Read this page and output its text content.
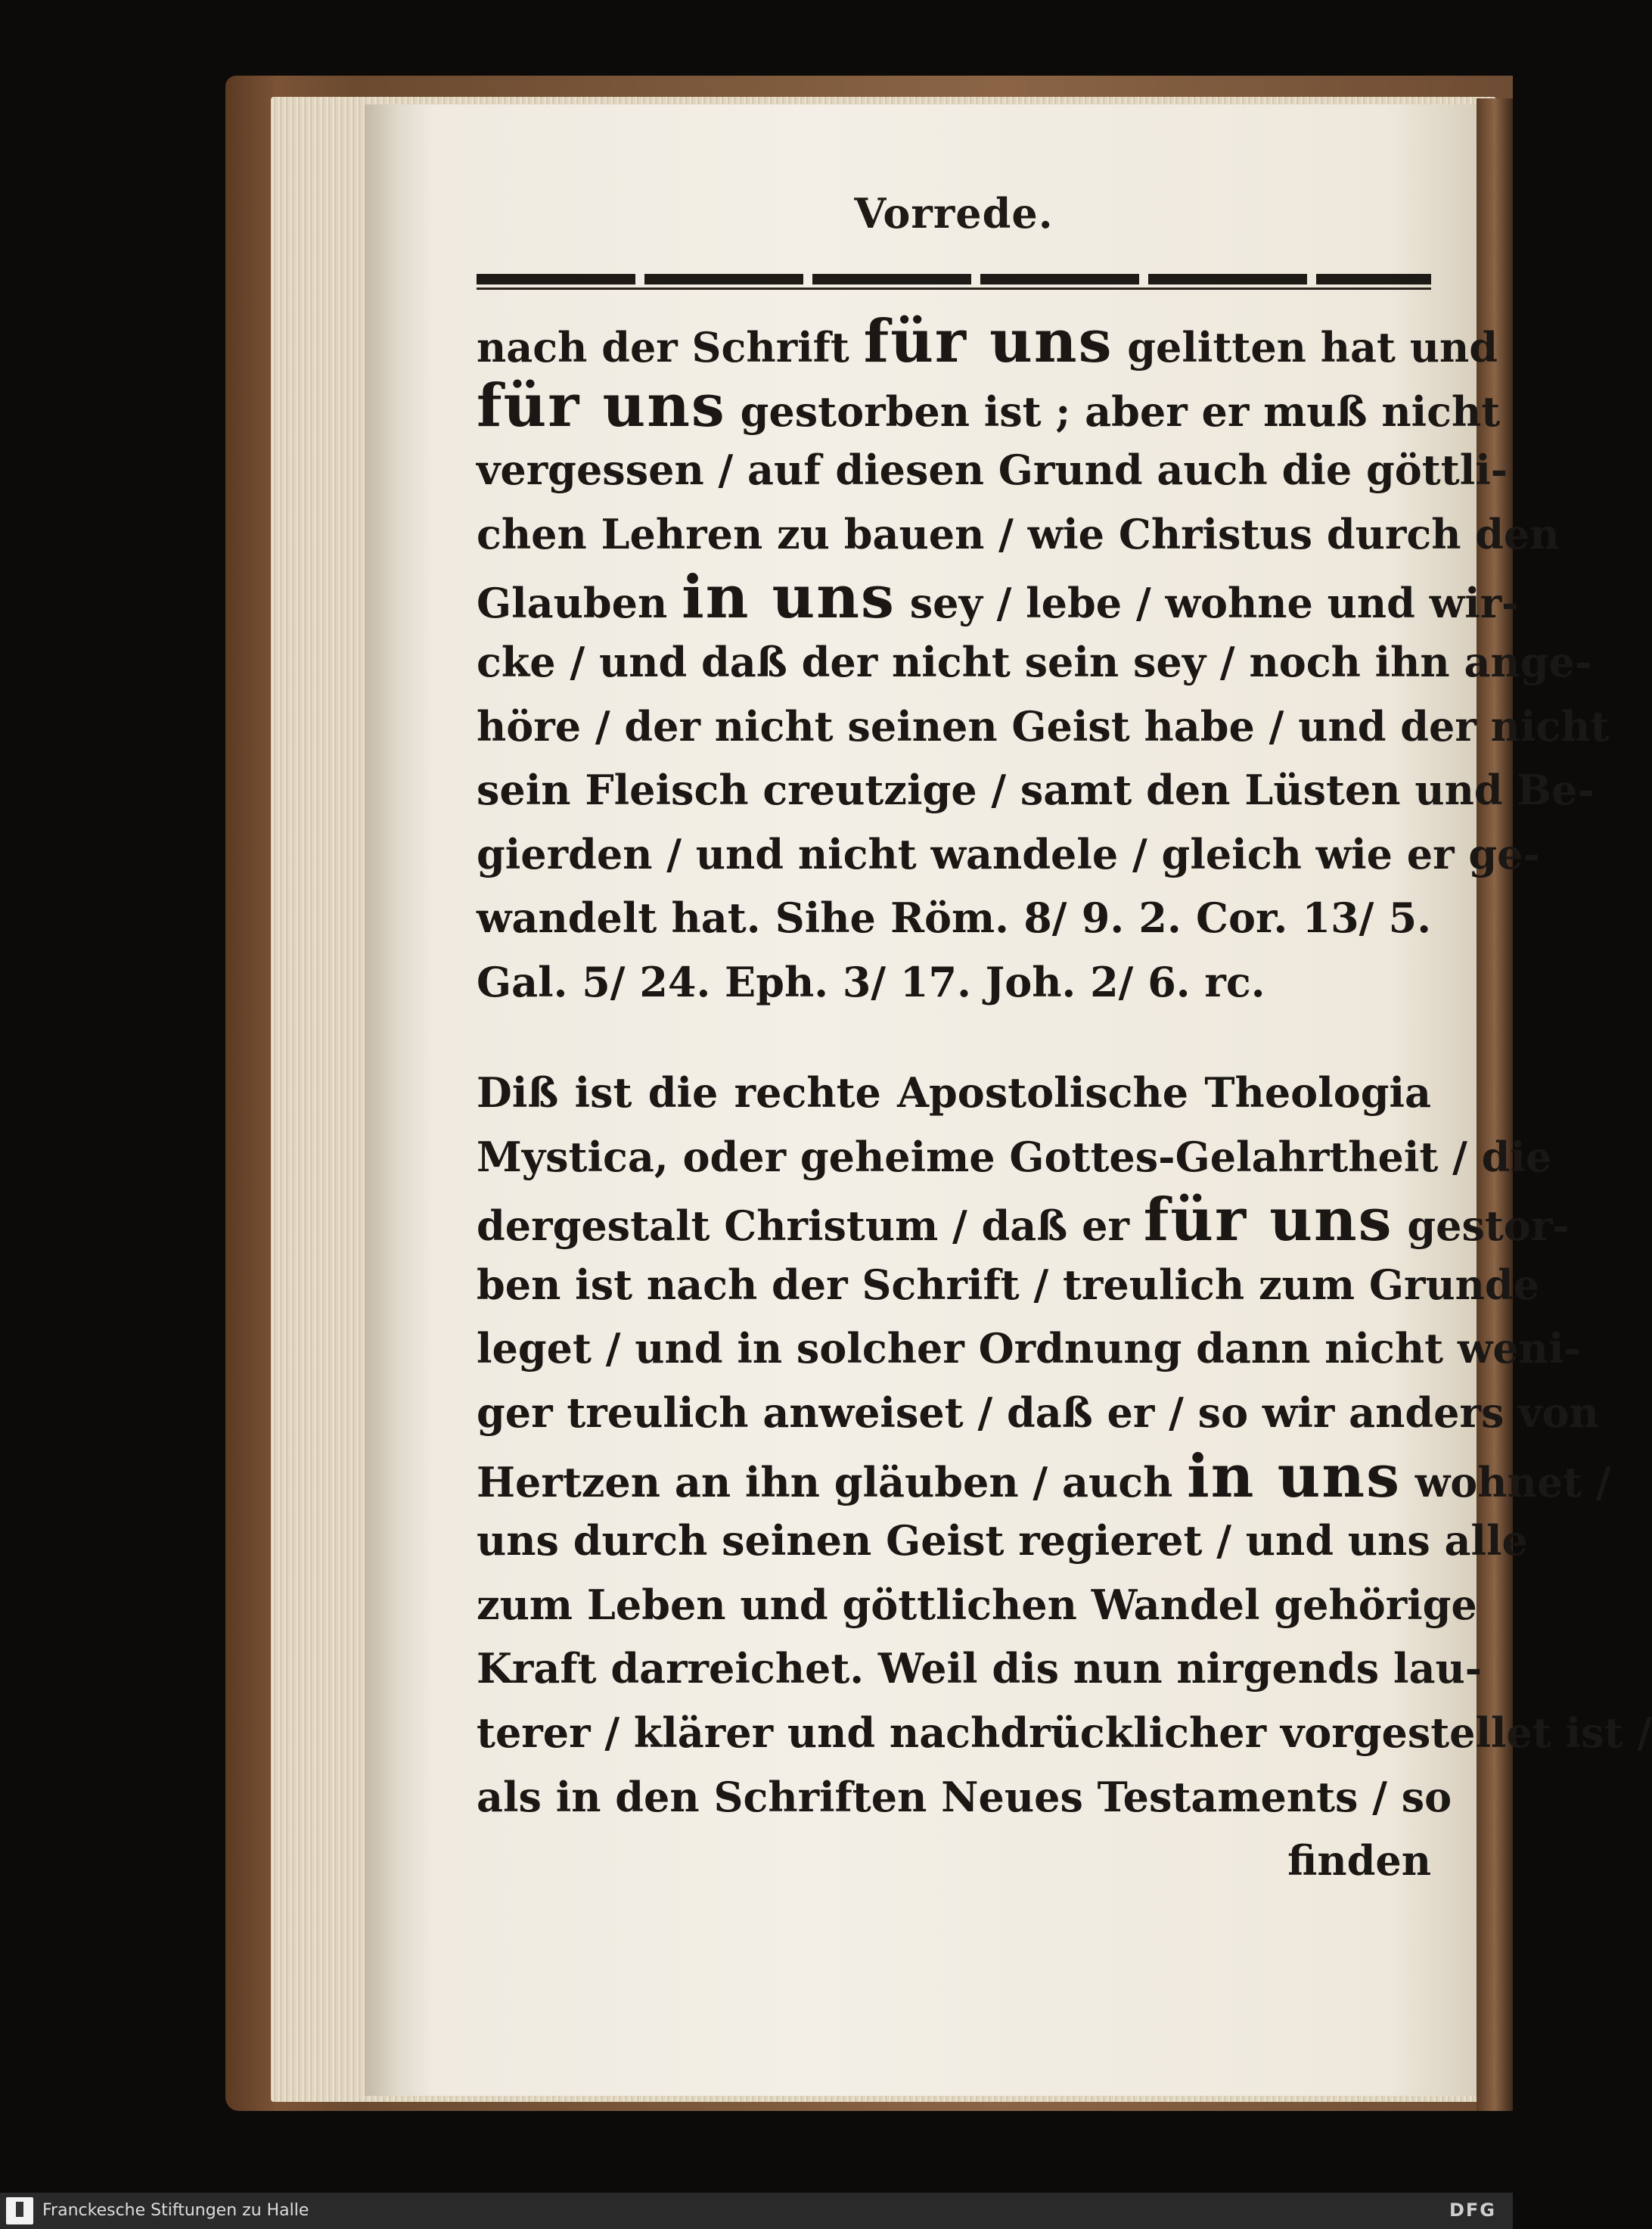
Vorrede.
nach der Schrift für uns gelitten hat und
für uns gestorben ist ; aber er muß nicht
vergessen / auf diesen Grund auch die göttli-
chen Lehren zu bauen / wie Christus durch den
Glauben in uns sey / lebe / wohne und wir-
cke / und daß der nicht sein sey / noch ihn ange-
höre / der nicht seinen Geist habe / und der nicht
sein Fleisch creutzige / samt den Lüsten und Be-
gierden / und nicht wandele / gleich wie er ge-
wandelt hat. Sihe Röm. 8/ 9. 2. Cor. 13/ 5.
Gal. 5/ 24. Eph. 3/ 17. Joh. 2/ 6. rc.
Diß ist die rechte Apostolische Theologia
Mystica, oder geheime Gottes-Gelahrtheit / die
dergestalt Christum / daß er für uns gestor-
ben ist nach der Schrift / treulich zum Grunde
leget / und in solcher Ordnung dann nicht weni-
ger treulich anweiset / daß er / so wir anders von
Hertzen an ihn gläuben / auch in uns wohnet /
uns durch seinen Geist regieret / und uns alle
zum Leben und göttlichen Wandel gehörige
Kraft darreichet. Weil dis nun nirgends lau-
terer / klärer und nachdrücklicher vorgestellet ist /
als in den Schriften Neues Testaments / so
finden
Franckesche Stiftungen zu Halle	DFG
